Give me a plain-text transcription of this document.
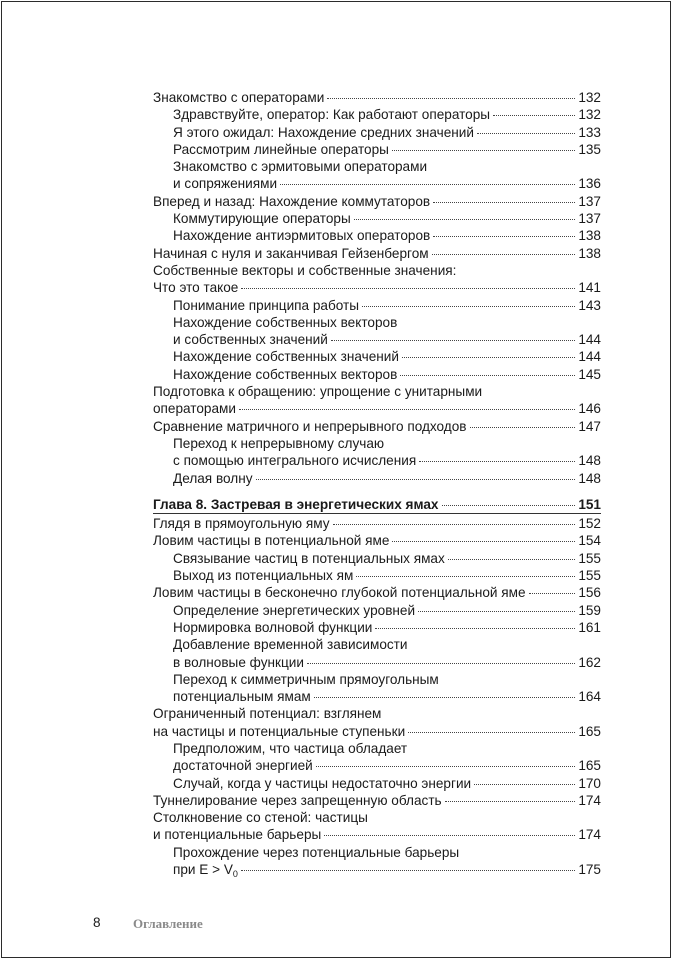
Знакомство с операторами	132
Здравствуйте, оператор: Как работают операторы	132
Я этого ожидал: Нахождение средних значений	133
Рассмотрим линейные операторы	135
Знакомство с эрмитовыми операторами
и сопряжениями	136
Вперед и назад: Нахождение коммутаторов	137
Коммутирующие операторы	137
Нахождение антиэрмитовых операторов	138
Начиная с нуля и заканчивая Гейзенбергом	138
Собственные векторы и собственные значения:
Что это такое	141
Понимание принципа работы	143
Нахождение собственных векторов
и собственных значений	144
Нахождение собственных значений	144
Нахождение собственных векторов	145
Подготовка к обращению: упрощение с унитарными
операторами	146
Сравнение матричного и непрерывного подходов	147
Переход к непрерывному случаю
с помощью интегрального исчисления	148
Делая волну	148
Глава 8. Застревая в энергетических ямах	151
Глядя в прямоугольную яму	152
Ловим частицы в потенциальной яме	154
Связывание частиц в потенциальных ямах	155
Выход из потенциальных ям	155
Ловим частицы в бесконечно глубокой потенциальной яме	156
Определение энергетических уровней	159
Нормировка волновой функции	161
Добавление временной зависимости
в волновые функции	162
Переход к симметричным прямоугольным
потенциальным ямам	164
Ограниченный потенциал: взглянем
на частицы и потенциальные ступеньки	165
Предположим, что частица обладает
достаточной энергией	165
Случай, когда у частицы недостаточно энергии	170
Туннелирование через запрещенную область	174
Столкновение со стеной: частицы
и потенциальные барьеры	174
Прохождение через потенциальные барьеры
при $E > V_0$	175
8 Оглавление
